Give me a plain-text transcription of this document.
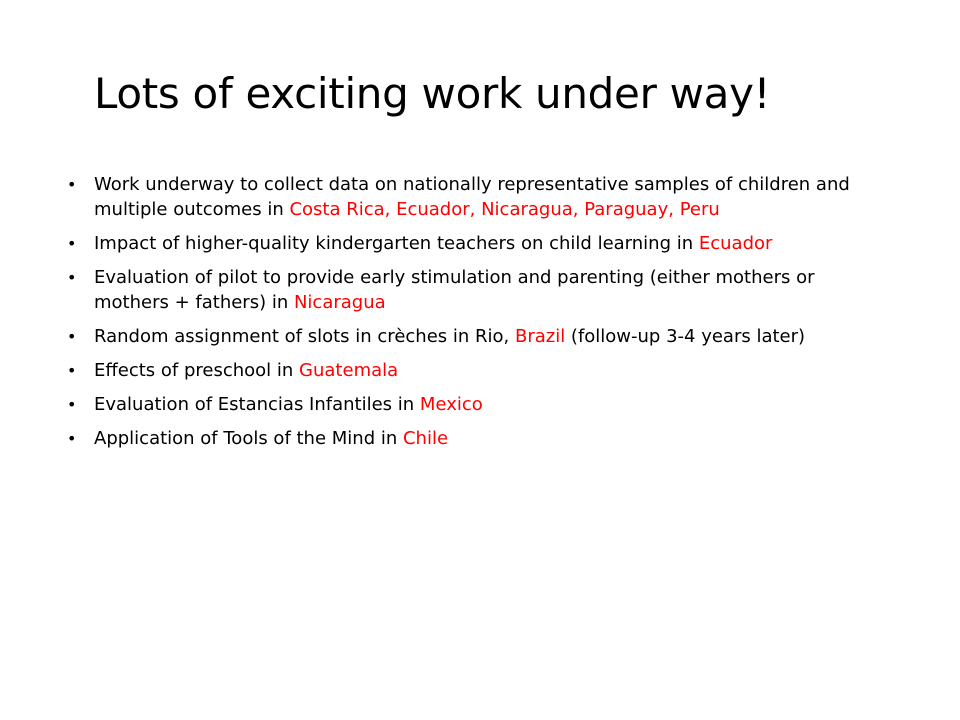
Lots of exciting work under way!
• Work underway to collect data on nationally representative samples of children and multiple outcomes in Costa Rica, Ecuador, Nicaragua, Paraguay, Peru
• Impact of higher-quality kindergarten teachers on child learning in Ecuador
• Evaluation of pilot to provide early stimulation and parenting (either mothers or mothers + fathers) in Nicaragua
• Random assignment of slots in crèches in Rio, Brazil (follow-up 3-4 years later)
• Effects of preschool in Guatemala
• Evaluation of Estancias Infantiles in Mexico
• Application of Tools of the Mind in Chile
